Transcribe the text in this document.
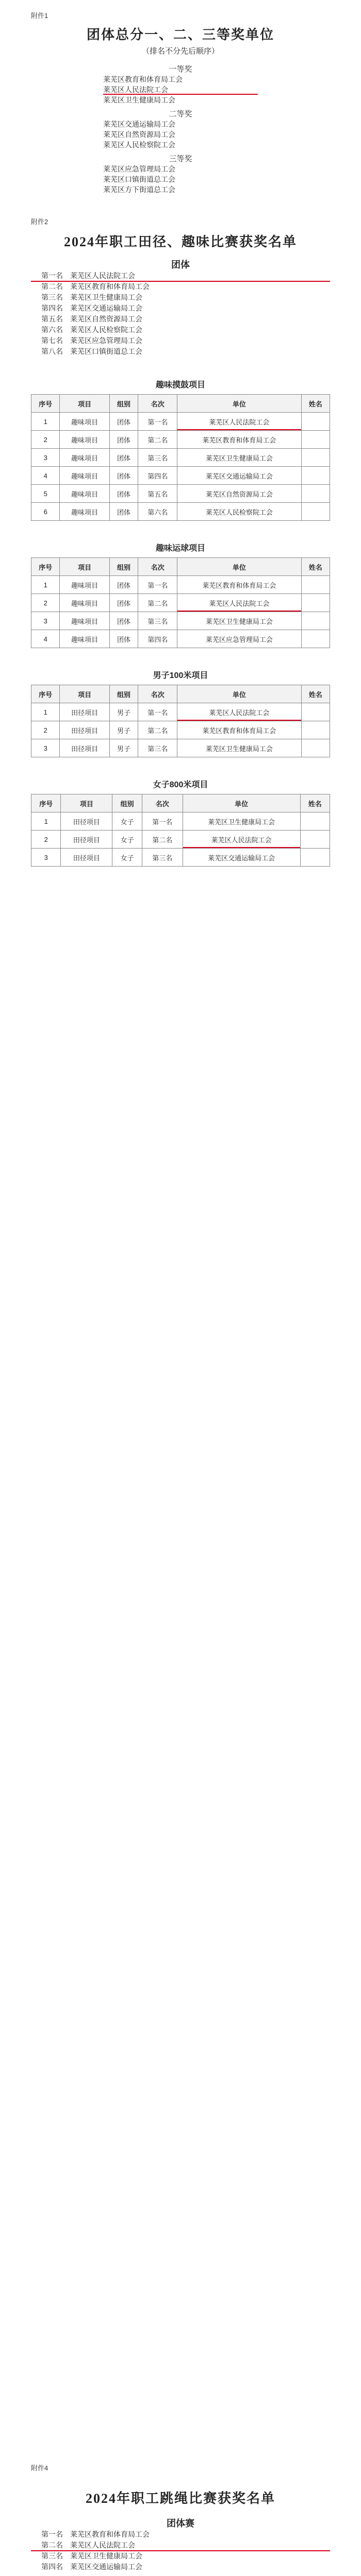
附件1

团体总分一、二、三等奖单位

（排名不分先后顺序）

一等奖

莱芜区教育和体育局工会

莱芜区人民法院工会

莱芜区卫生健康局工会

二等奖

莱芜区交通运输局工会

莱芜区自然资源局工会

莱芜区人民检察院工会

三等奖

莱芜区应急管理局工会

莱芜区口镇街道总工会

莱芜区方下街道总工会

附件2

2024年职工田径、趣味比赛获奖名单

团体

第一名　莱芜区人民法院工会

第二名　莱芜区教育和体育局工会

第三名　莱芜区卫生健康局工会

第四名　莱芜区交通运输局工会

第五名　莱芜区自然资源局工会

第六名　莱芜区人民检察院工会

第七名　莱芜区应急管理局工会

第八名　莱芜区口镇街道总工会

趣味摸鼓项目

序号	项目	组别	名次	单位	姓名
1	趣味项目	团体	第一名	莱芜区人民法院工会	
2	趣味项目	团体	第二名	莱芜区教育和体育局工会	
3	趣味项目	团体	第三名	莱芜区卫生健康局工会	
4	趣味项目	团体	第四名	莱芜区交通运输局工会	
5	趣味项目	团体	第五名	莱芜区自然资源局工会	
6	趣味项目	团体	第六名	莱芜区人民检察院工会	

趣味运球项目

序号	项目	组别	名次	单位	姓名
1	趣味项目	团体	第一名	莱芜区教育和体育局工会	
2	趣味项目	团体	第二名	莱芜区人民法院工会	
3	趣味项目	团体	第三名	莱芜区卫生健康局工会	
4	趣味项目	团体	第四名	莱芜区应急管理局工会	

男子100米项目

序号	项目	组别	名次	单位	姓名
1	田径项目	男子	第一名	莱芜区人民法院工会	
2	田径项目	男子	第二名	莱芜区教育和体育局工会	
3	田径项目	男子	第三名	莱芜区卫生健康局工会	

女子800米项目

序号	项目	组别	名次	单位	姓名
1	田径项目	女子	第一名	莱芜区卫生健康局工会	
2	田径项目	女子	第二名	莱芜区人民法院工会	
3	田径项目	女子	第三名	莱芜区交通运输局工会	

附件4

2024年职工跳绳比赛获奖名单

团体赛

第一名　莱芜区教育和体育局工会

第二名　莱芜区人民法院工会

第三名　莱芜区卫生健康局工会

第四名　莱芜区交通运输局工会
